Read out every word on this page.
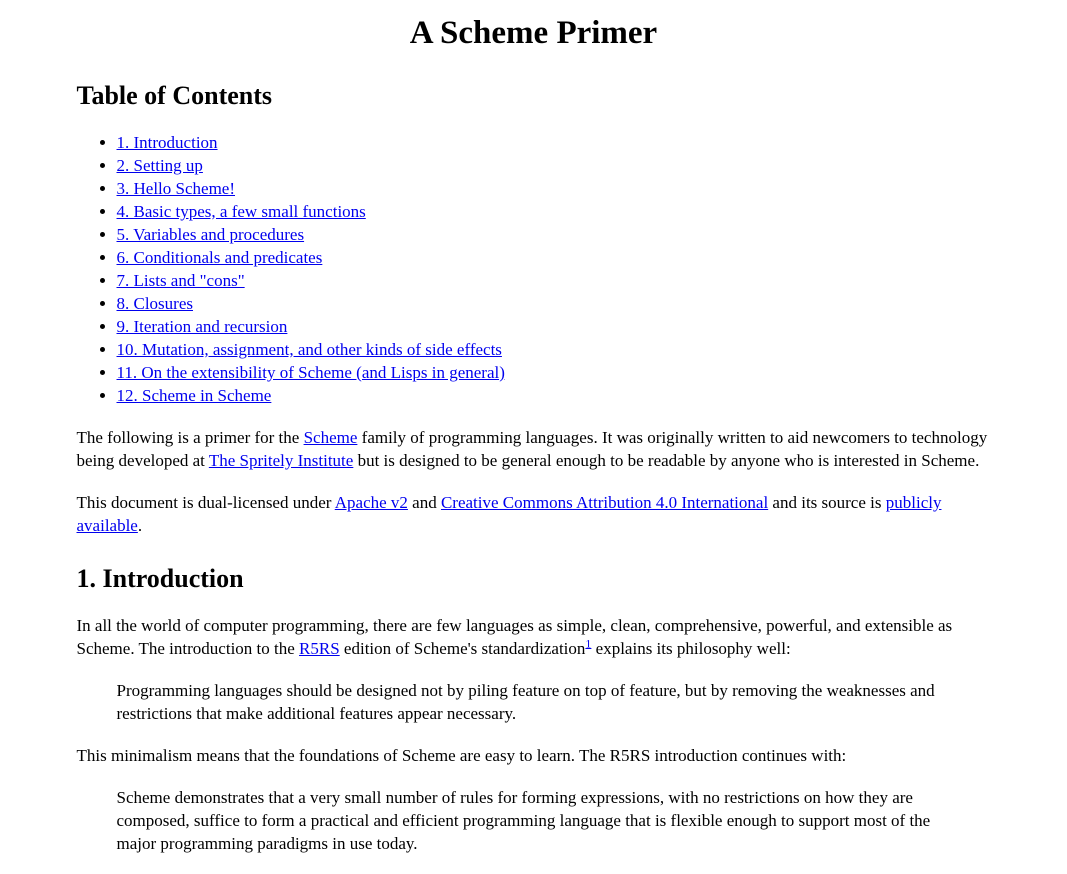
A Scheme Primer
Table of Contents
• 1. Introduction
• 2. Setting up
• 3. Hello Scheme!
• 4. Basic types, a few small functions
• 5. Variables and procedures
• 6. Conditionals and predicates
• 7. Lists and "cons"
• 8. Closures
• 9. Iteration and recursion
• 10. Mutation, assignment, and other kinds of side effects
• 11. On the extensibility of Scheme (and Lisps in general)
• 12. Scheme in Scheme

The following is a primer for the Scheme family of programming languages. It was originally written to aid newcomers to technology being developed at The Spritely Institute but is designed to be general enough to be readable by anyone who is interested in Scheme.

This document is dual-licensed under Apache v2 and Creative Commons Attribution 4.0 International and its source is publicly available.

1. Introduction

In all the world of computer programming, there are few languages as simple, clean, comprehensive, powerful, and extensible as Scheme. The introduction to the R5RS edition of Scheme's standardization$^1$ explains its philosophy well:

Programming languages should be designed not by piling feature on top of feature, but by removing the weaknesses and restrictions that make additional features appear necessary.

This minimalism means that the foundations of Scheme are easy to learn. The R5RS introduction continues with:

Scheme demonstrates that a very small number of rules for forming expressions, with no restrictions on how they are composed, suffice to form a practical and efficient programming language that is flexible enough to support most of the major programming paradigms in use today.
